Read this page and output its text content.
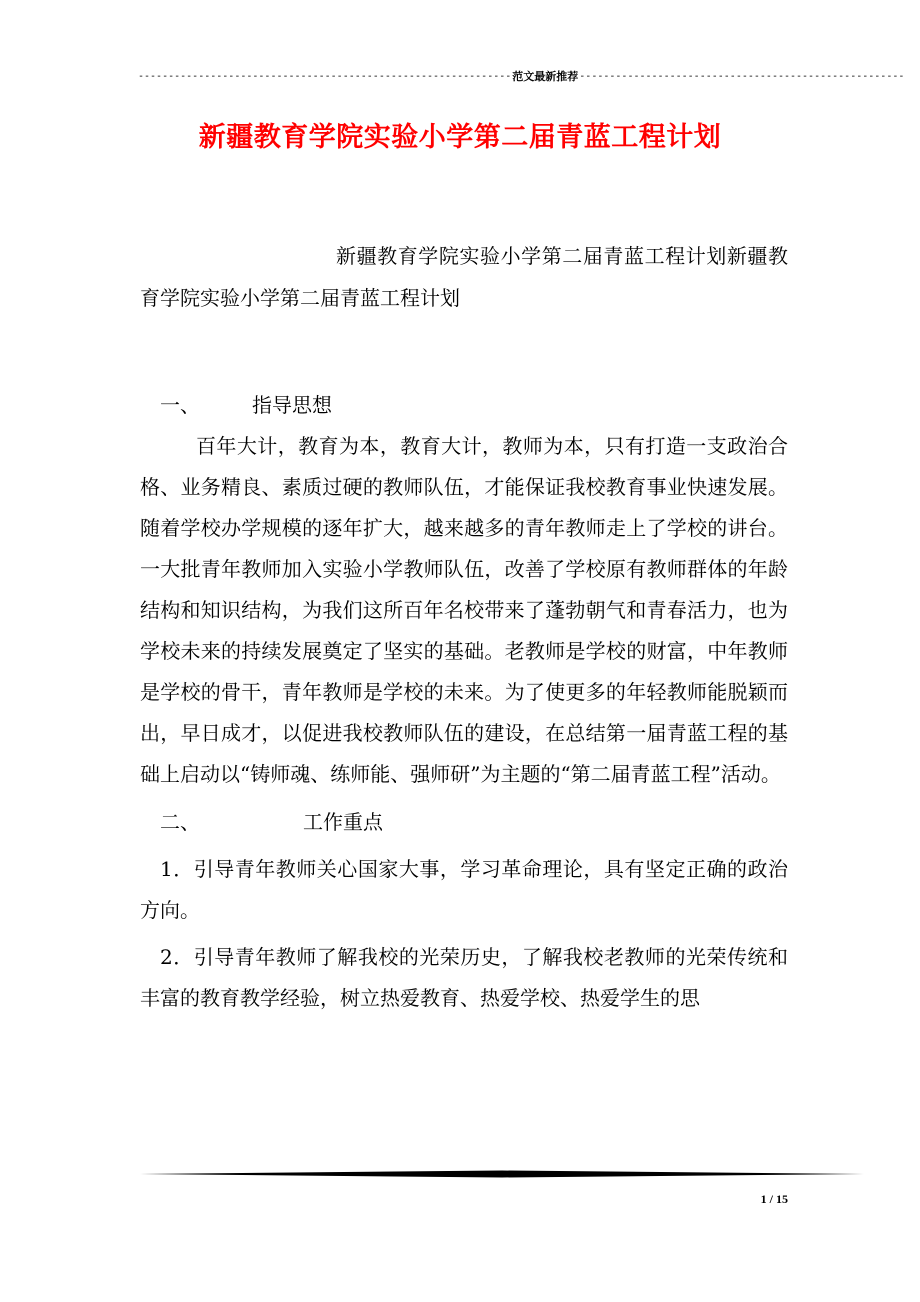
-------------------------------------------------------------- 范文最新推荐 ------------------------------------------------------
新疆教育学院实验小学第二届青蓝工程计划

新疆教育学院实验小学第二届青蓝工程计划新疆教育学院实验小学第二届青蓝工程计划

一、	指导思想

百年大计，教育为本，教育大计，教师为本，只有打造一支政治合格、业务精良、素质过硬的教师队伍，才能保证我校教育事业快速发展。随着学校办学规模的逐年扩大，越来越多的青年教师走上了学校的讲台。一大批青年教师加入实验小学教师队伍，改善了学校原有教师群体的年龄结构和知识结构，为我们这所百年名校带来了蓬勃朝气和青春活力，也为学校未来的持续发展奠定了坚实的基础。老教师是学校的财富，中年教师是学校的骨干，青年教师是学校的未来。为了使更多的年轻教师能脱颖而出，早日成才，以促进我校教师队伍的建设，在总结第一届青蓝工程的基础上启动以“铸师魂、练师能、强师研”为主题的“第二届青蓝工程”活动。

二、	工作重点

1．引导青年教师关心国家大事，学习革命理论，具有坚定正确的政治方向。

2．引导青年教师了解我校的光荣历史，了解我校老教师的光荣传统和丰富的教育教学经验，树立热爱教育、热爱学校、热爱学生的思

1 / 15
